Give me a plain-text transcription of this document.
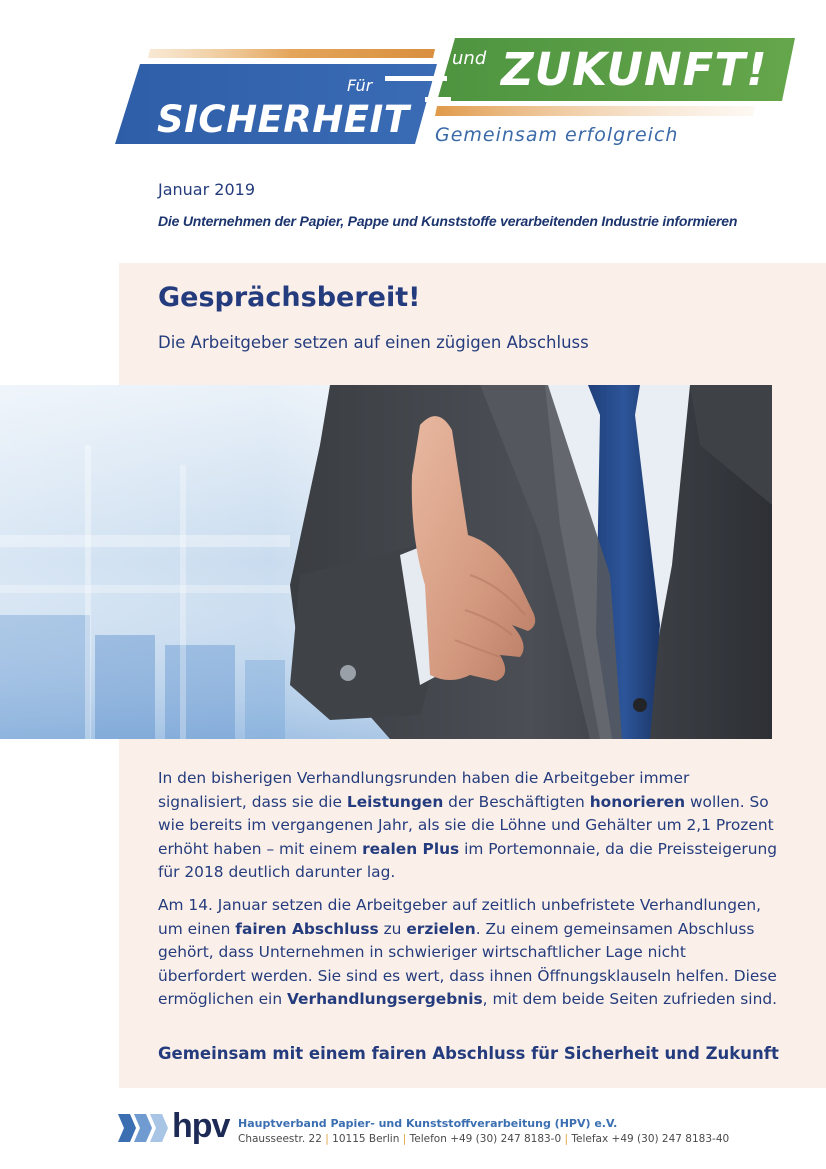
Für
SICHERHEIT
und ZUKUNFT!
Gemeinsam erfolgreich
Januar 2019
Die Unternehmen der Papier, Pappe und Kunststoffe verarbeitenden Industrie informieren
Gesprächsbereit!
Die Arbeitgeber setzen auf einen zügigen Abschluss

In den bisherigen Verhandlungsrunden haben die Arbeitgeber immer signalisiert, dass sie die Leistungen der Beschäftigten honorieren wollen. So wie bereits im vergangenen Jahr, als sie die Löhne und Gehälter um 2,1 Prozent erhöht haben – mit einem realen Plus im Portemonnaie, da die Preissteigerung für 2018 deutlich darunter lag.

Am 14. Januar setzen die Arbeitgeber auf zeitlich unbefristete Verhandlungen, um einen fairen Abschluss zu erzielen. Zu einem gemeinsamen Abschluss gehört, dass Unternehmen in schwieriger wirtschaftlicher Lage nicht überfordert werden. Sie sind es wert, dass ihnen Öffnungsklauseln helfen. Diese ermöglichen ein Verhandlungsergebnis, mit dem beide Seiten zufrieden sind.

Gemeinsam mit einem fairen Abschluss für Sicherheit und Zukunft
hpv Hauptverband Papier- und Kunststoffverarbeitung (HPV) e.V.
Chausseestr. 22 | 10115 Berlin | Telefon +49 (30) 247 8183-0 | Telefax +49 (30) 247 8183-40
